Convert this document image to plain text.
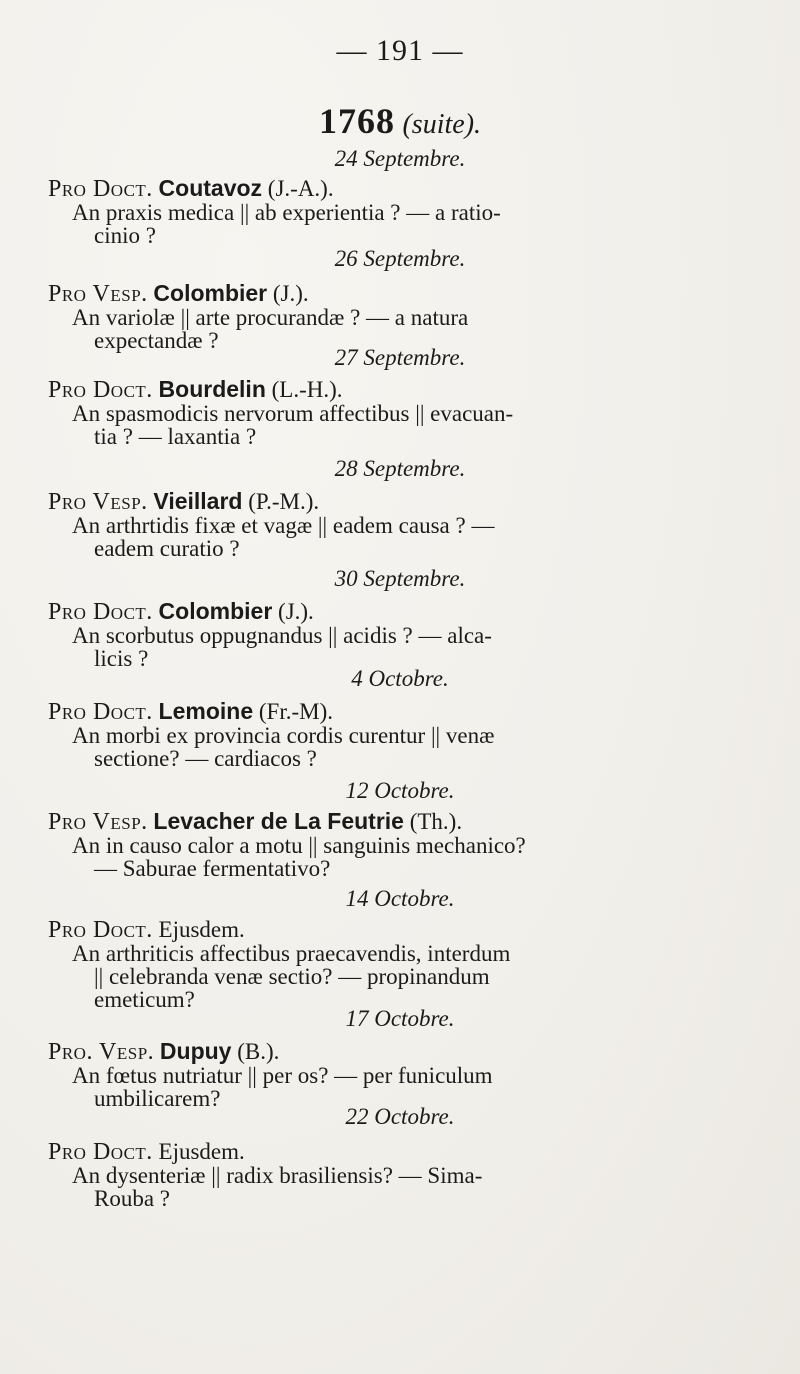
— 191 —
1768 (suite).
24 Septembre.
Pro Doct. Coutavoz (J.-A.).
An praxis medica || ab experientia ? — a ratio-
cinio ?
26 Septembre.
Pro Vesp. Colombier (J.).
An variolæ || arte procurandæ ? — a natura
expectandæ ?
27 Septembre.
Pro Doct. Bourdelin (L.-H.).
An spasmodicis nervorum affectibus || evacuan-
tia ? — laxantia ?
28 Septembre.
Pro Vesp. Vieillard (P.-M.).
An arthrtidis fixæ et vagæ || eadem causa ? —
eadem curatio ?
30 Septembre.
Pro Doct. Colombier (J.).
An scorbutus oppugnandus || acidis ? — alca-
licis ?
4 Octobre.
Pro Doct. Lemoine (Fr.-M).
An morbi ex provincia cordis curentur || venæ
sectione? — cardiacos ?
12 Octobre.
Pro Vesp. Levacher de La Feutrie (Th.).
An in causo calor a motu || sanguinis mechanico?
— Saburae fermentativo?
14 Octobre.
Pro Doct. Ejusdem.
An arthriticis affectibus praecavendis, interdum
|| celebranda venæ sectio? — propinandum
emeticum?
17 Octobre.
Pro. Vesp. Dupuy (B.).
An fœtus nutriatur || per os? — per funiculum
umbilicarem?
22 Octobre.
Pro Doct. Ejusdem.
An dysenteriæ || radix brasiliensis? — Sima-
Rouba ?
